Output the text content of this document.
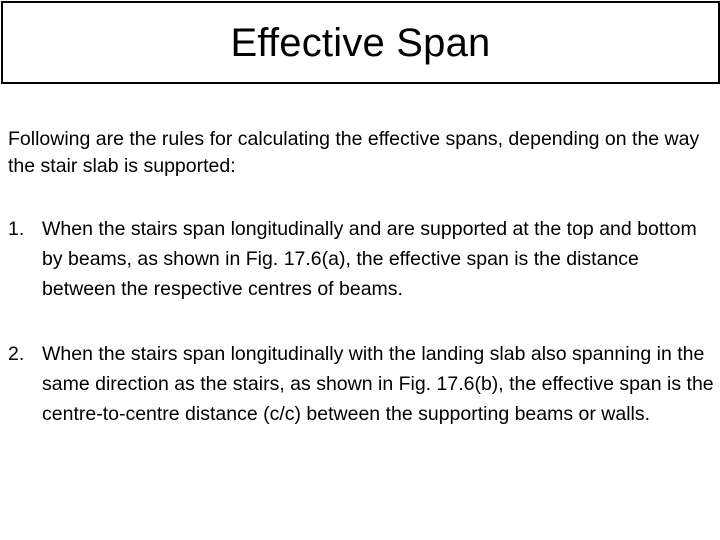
Effective Span

Following are the rules for calculating the effective spans, depending on the way the stair slab is supported:

1. When the stairs span longitudinally and are supported at the top and bottom by beams, as shown in Fig. 17.6(a), the effective span is the distance between the respective centres of beams.
2. When the stairs span longitudinally with the landing slab also spanning in the same direction as the stairs, as shown in Fig. 17.6(b), the effective span is the centre-to-centre distance (c/c) between the supporting beams or walls.
